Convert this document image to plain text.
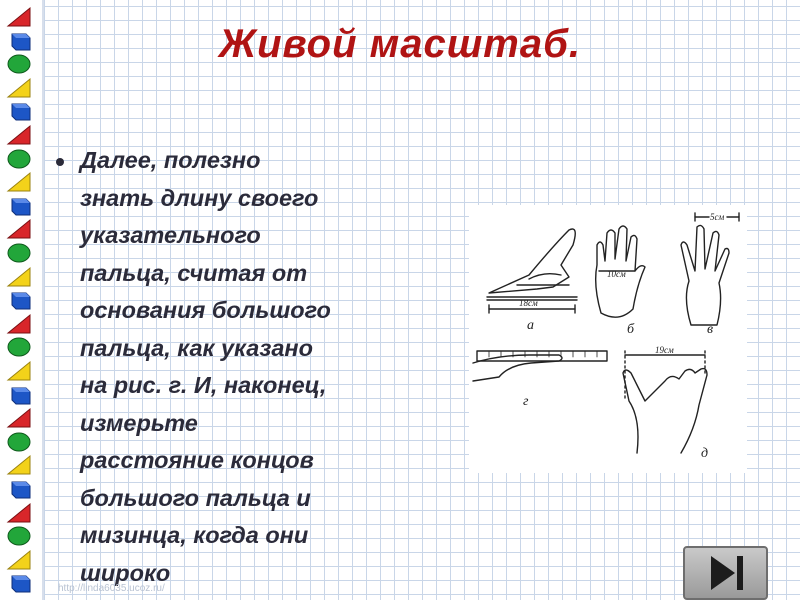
Живой масштаб.
Далее, полезно
знать длину своего
указательного
пальца, считая от
основания большого
пальца, как указано
на рис. г. И, наконец,
измерьте
расстояние концов
большого пальца и
мизинца, когда они
широко
18см
а
10см
б
5см
в
г
19см
д
http://linda6035.ucoz.ru/
